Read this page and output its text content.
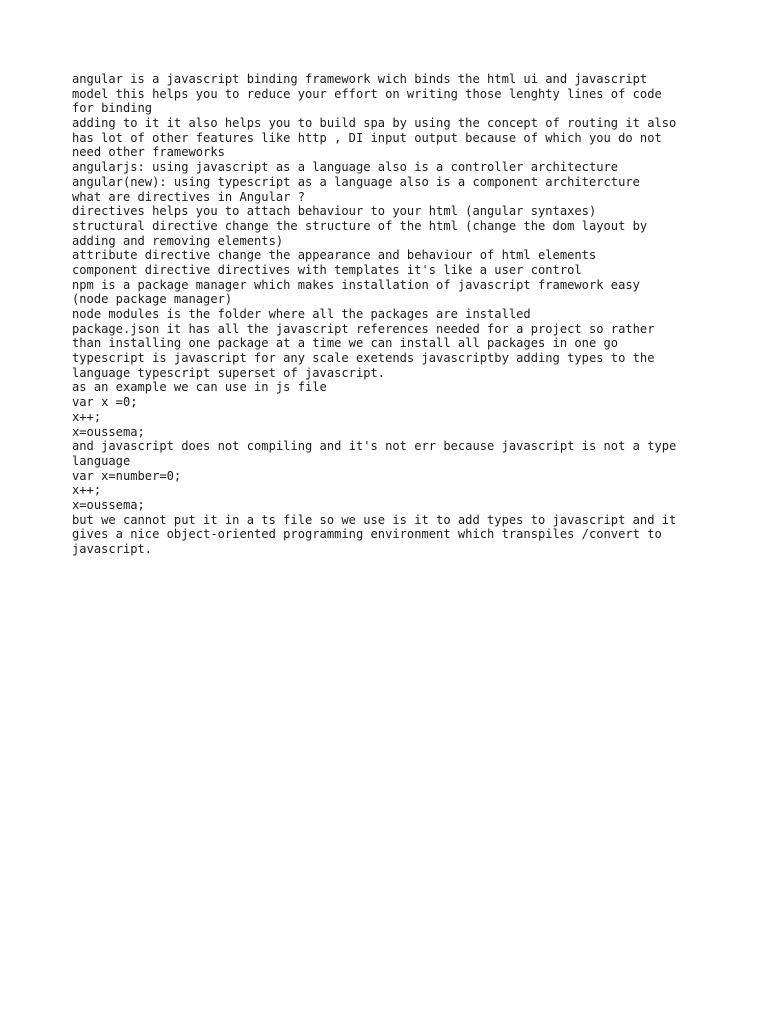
angular is a javascript binding framework wich binds the html ui and javascript
model this helps you to reduce your effort on writing those lenghty lines of code
for binding
adding to it it also helps you to build spa by using the concept of routing it also
has lot of other features like http , DI input output because of which you do not
need other frameworks
angularjs: using javascript as a language also is a controller architecture
angular(new): using typescript as a language also is a component architercture
what are directives in Angular ?
directives helps you to attach behaviour to your html (angular syntaxes)
structural directive change the structure of the html (change the dom layout by
adding and removing elements)
attribute directive change the appearance and behaviour of html elements
component directive directives with templates it's like a user control
npm is a package manager which makes installation of javascript framework easy
(node package manager)
node modules is the folder where all the packages are installed
package.json it has all the javascript references needed for a project so rather
than installing one package at a time we can install all packages in one go
typescript is javascript for any scale exetends javascriptby adding types to the
language typescript superset of javascript.
as an example we can use in js file
var x =0;
x++;
x=oussema;
and javascript does not compiling and it's not err because javascript is not a type
language
var x=number=0;
x++;
x=oussema;
but we cannot put it in a ts file so we use is it to add types to javascript and it
gives a nice object-oriented programming environment which transpiles /convert to
javascript.
